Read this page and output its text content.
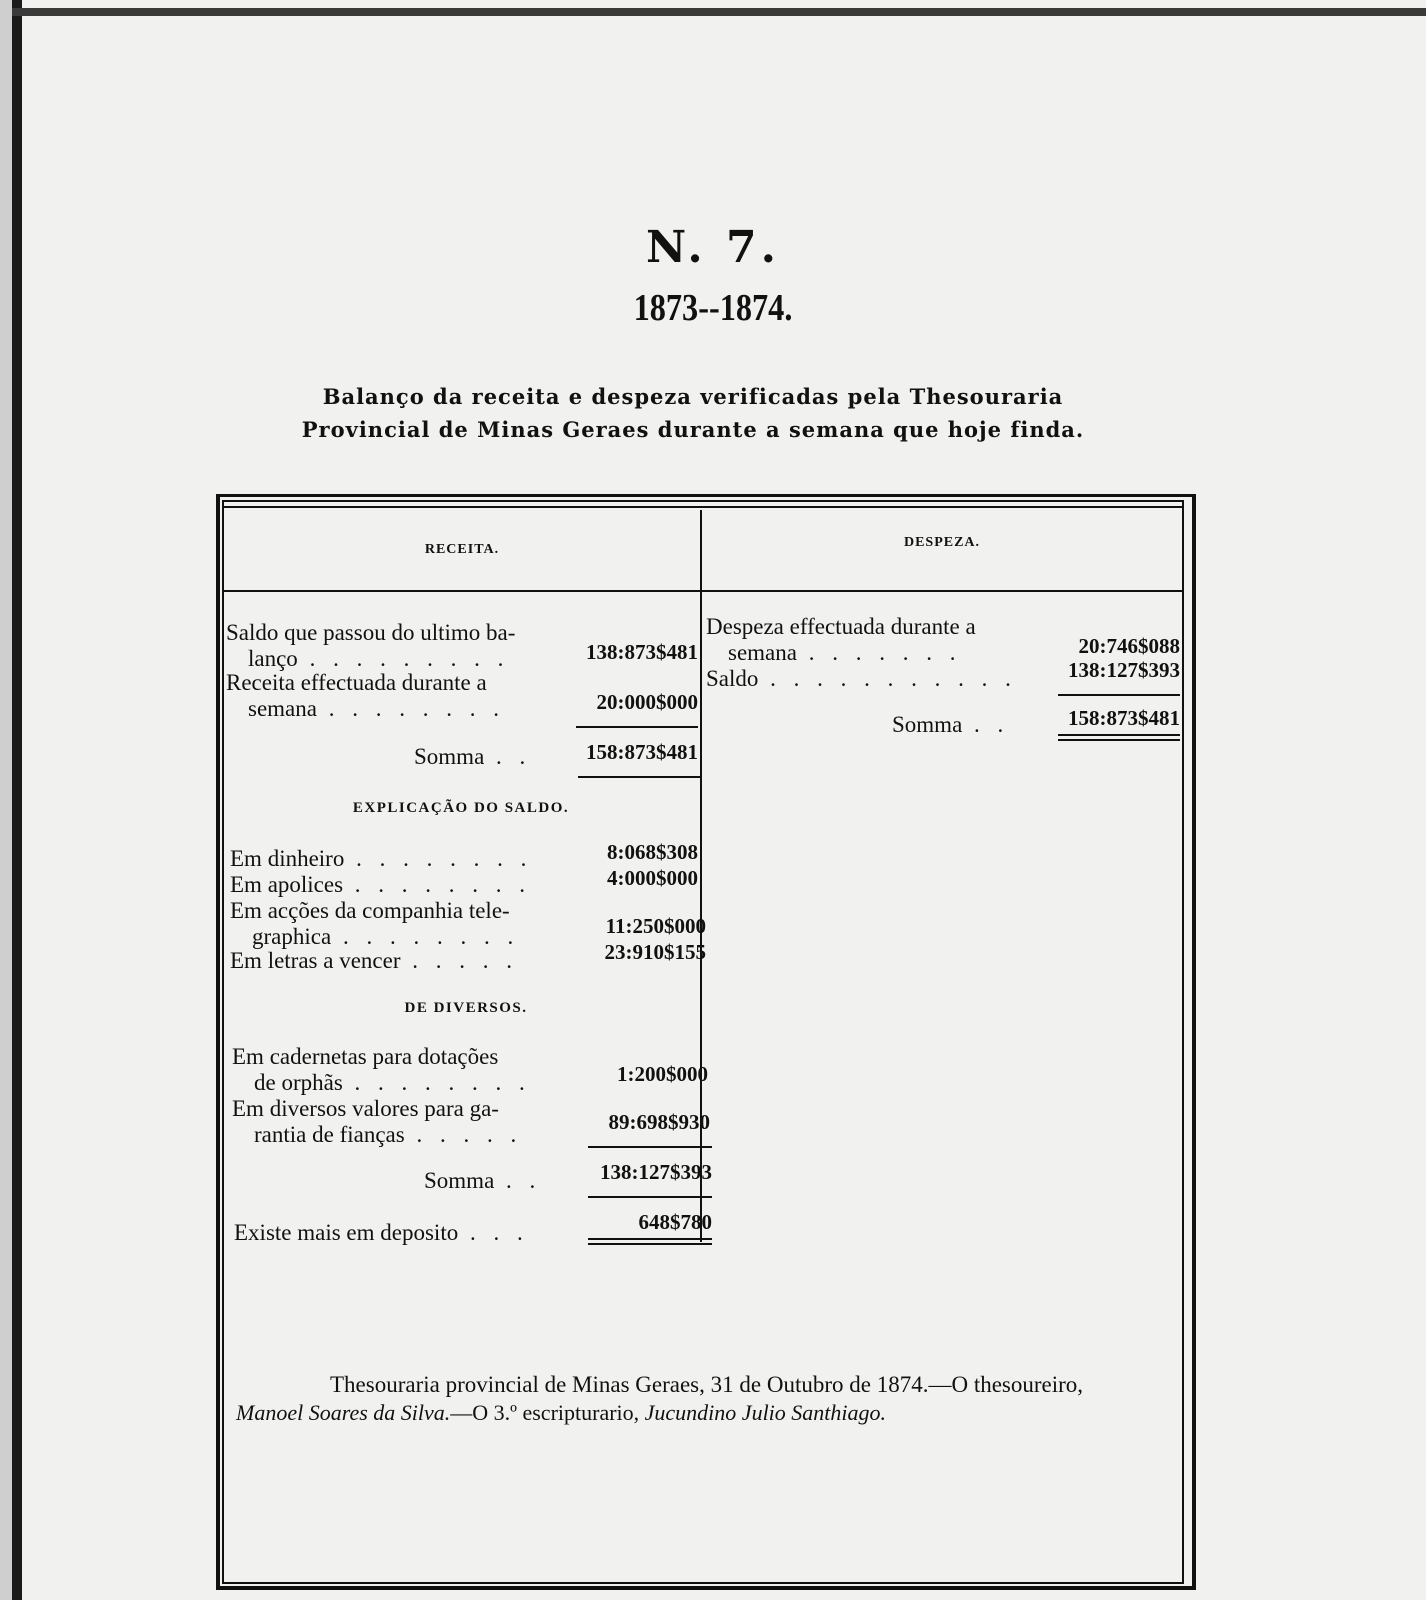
N. 7.
1873--1874.
Balanço da receita e despeza verificadas pela Thesouraria Provincial de Minas Geraes durante a semana que hoje finda.
RECEITA.	DESPEZA.
Saldo que passou do ultimo ba-
lanço . . . . . . . . .	138:873$481
Receita effectuada durante a
semana . . . . . . . .	20:000$000
Somma . .	158:873$481
EXPLICAÇÃO DO SALDO.
Em dinheiro . . . . . . . .	8:068$308
Em apolices . . . . . . . .	4:000$000
Em acções da companhia tele-
graphica . . . . . . . .	11:250$000
Em letras a vencer . . . . .	23:910$155
DE DIVERSOS.
Em cadernetas para dotações
de orphãs . . . . . . . .	1:200$000
Em diversos valores para ga-
rantia de fianças . . . . .	89:698$930
Somma . .	138:127$393
Existe mais em deposito . . .	648$780
Despeza effectuada durante a
semana . . . . . . .	20:746$088
Saldo . . . . . . . . . . .	138:127$393
Somma . .	158:873$481
Thesouraria provincial de Minas Geraes, 31 de Outubro de 1874.—O thesoureiro,
Manoel Soares da Silva.—O 3.º escripturario, Jucundino Julio Santhiago.
